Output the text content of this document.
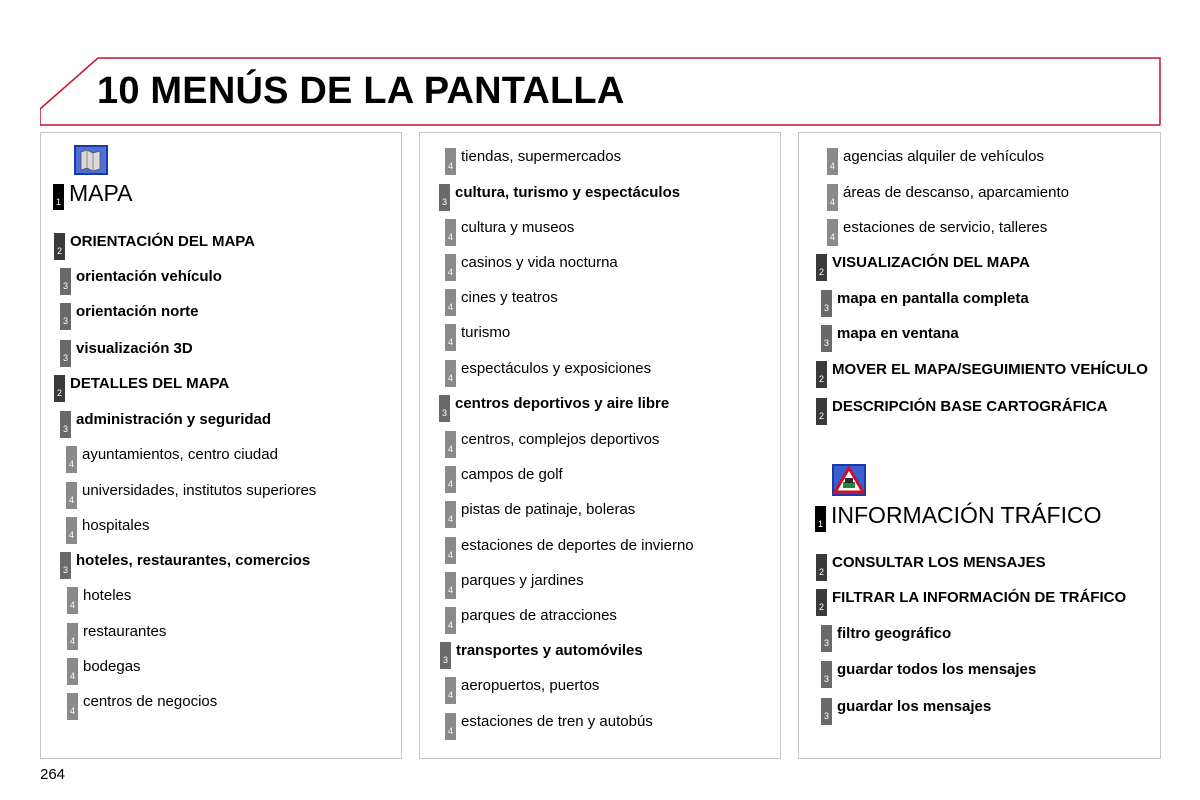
10 MENÚS DE LA PANTALLA
1 MAPA
2
ORIENTACIÓN DEL MAPA
3
orientación vehículo
3
orientación norte
3
visualización 3D
2
DETALLES DEL MAPA
3
administración y seguridad
4
ayuntamientos, centro ciudad
4
universidades, institutos superiores
4
hospitales
3
hoteles, restaurantes, comercios
4
hoteles
4
restaurantes
4
bodegas
4
centros de negocios
4
tiendas, supermercados
3
cultura, turismo y espectáculos
4
cultura y museos
4
casinos y vida nocturna
4
cines y teatros
4
turismo
4
espectáculos y exposiciones
3
centros deportivos y aire libre
4
centros, complejos deportivos
4
campos de golf
4
pistas de patinaje, boleras
4
estaciones de deportes de invierno
4
parques y jardines
4
parques de atracciones
3
transportes y automóviles
4
aeropuertos, puertos
4
estaciones de tren y autobús
4
agencias alquiler de vehículos
4
áreas de descanso, aparcamiento
4
estaciones de servicio, talleres
2
VISUALIZACIÓN DEL MAPA
3
mapa en pantalla completa
3
mapa en ventana
2
MOVER EL MAPA/SEGUIMIENTO VEHÍCULO
2
DESCRIPCIÓN BASE CARTOGRÁFICA
1 INFORMACIÓN TRÁFICO
2
CONSULTAR LOS MENSAJES
2
FILTRAR LA INFORMACIÓN DE TRÁFICO
3
filtro geográfico
3
guardar todos los mensajes
3
guardar los mensajes
264
